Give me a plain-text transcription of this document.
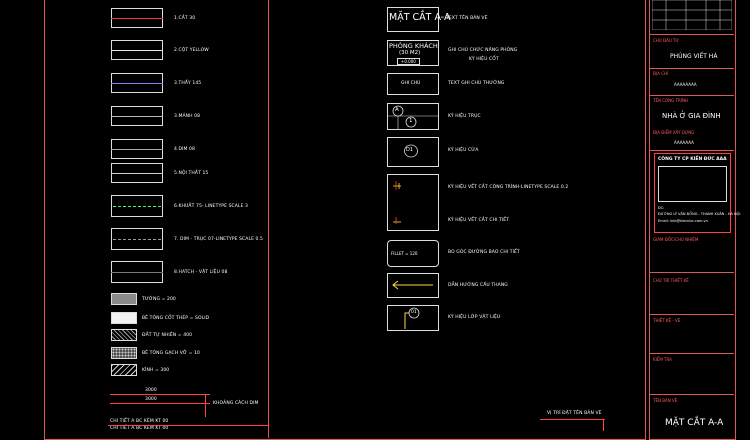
1.CẮT 30
2.CỘT YELLOW
3.THẤY 145
3.MẢNH 08
4.DIM 08
5.NỘI THẤT 15
6.KHUẤT 75- LINETYPE SCALE 3
7. DIM - TRỤC 07-LINETYPE SCALE 0.5
8.HATCH - VẬT LIỆU 08
TƯỜNG = 200
BÊ TÔNG CỐT THÉP = SOLID
ĐẤT TỰ NHIÊN = 400
BÊ TÔNG GẠCH VỠ = 10
KÍNH = 300
3000
3000
KHOẢNG CÁCH DIM
CHI TIẾT A BC KÉM KT 00
CHI TIẾT A BC KÉM KT 00
MẶT CẮT A-A
TEXT TÊN BẢN VẼ
PHÒNG KHÁCH
(30 M2)
+0.000
GHI CHÚ CHỨC NĂNG PHÒNG
KÝ HIỆU CỐT
GHI CHÚ	TEXT GHI CHÚ THƯỜNG
A
1
KÝ HIỆU TRỤC
D1	KÝ HIỆU CỬA
KÝ HIỆU VẾT CẮT CÔNG TRÌNH-LINETYPE SCALE 0.2
KÝ HIỆU VẾT CẮT CHI TIẾT
FILLET = 120	BO GÓC ĐƯỜNG BAO CHI TIẾT
DẪN HƯỚNG CẦU THANG
01
KÝ HIỆU LỚP VẬT LIỆU
VỊ TRÍ ĐẶT TÊN BẢN VẼ
CHỦ ĐẦU TƯ
PHÙNG VIẾT HÀ
ĐỊA CHỈ
AAAAAAAA
TÊN CÔNG TRÌNH
NHÀ Ở GIA ĐÌNH
ĐỊA ĐIỂM XÂY DỰNG
AAAAAAA
CÔNG TY CP KIẾN ĐỨC AAA
ĐC:
ĐƯỜNG LÝ VĂN ĐỒNG - THANH XUÂN - HÀ NỘI
Email: info@kienduc.com.vn
GIÁM ĐỐC/CHỦ NHIỆM
CHỦ TRÌ THIẾT KẾ
THIẾT KẾ - VẼ
KIỂM TRA
TÊN BẢN VẼ
MẶT CẮT A-A
